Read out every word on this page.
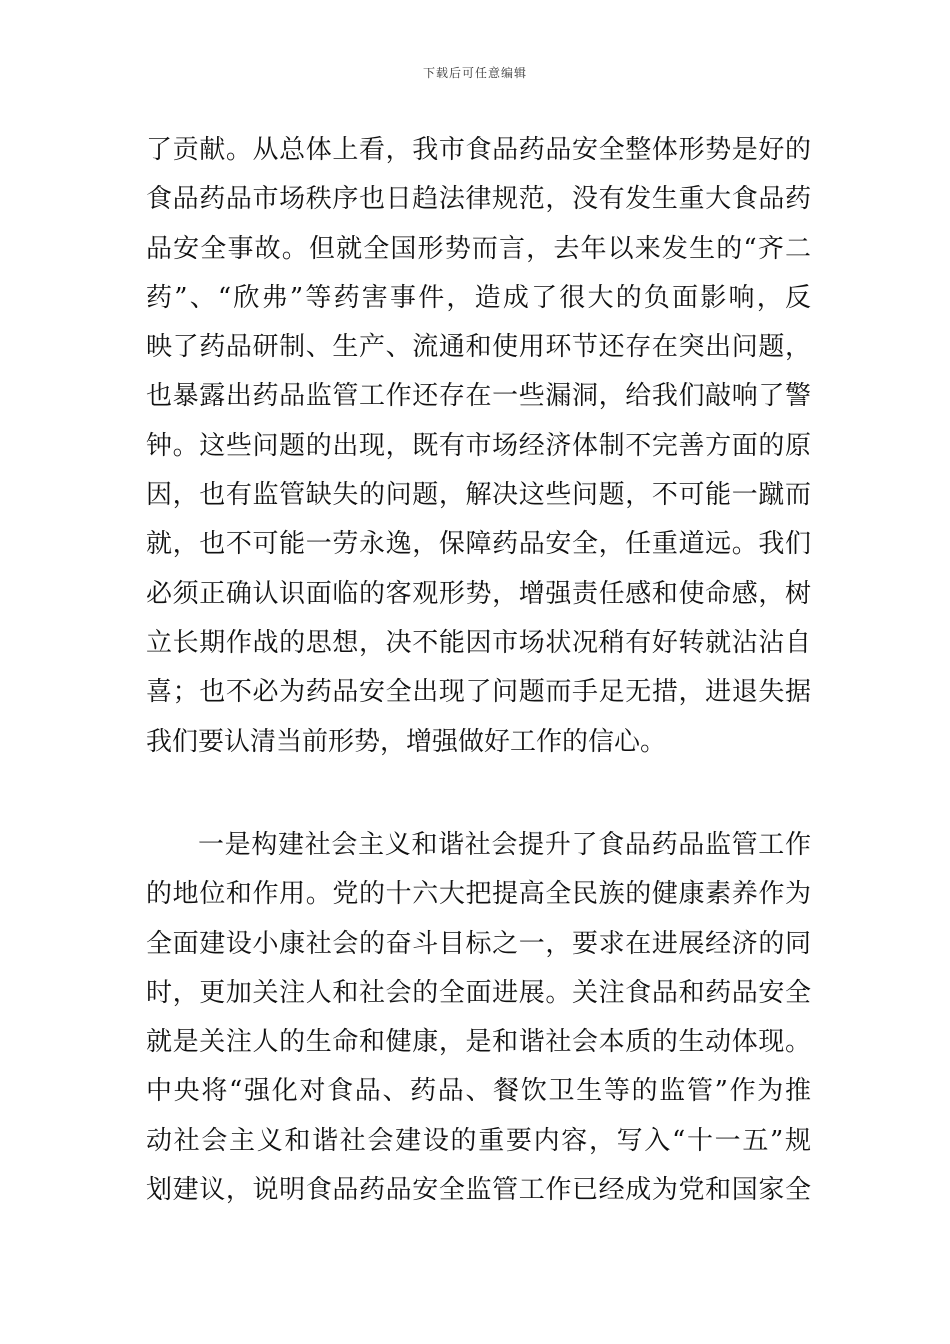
下载后可任意编辑
了贡献。从总体上看，我市食品药品安全整体形势是好的
食品药品市场秩序也日趋法律规范，没有发生重大食品药
品安全事故。但就全国形势而言，去年以来发生的“齐二
药”、“欣弗”等药害事件，造成了很大的负面影响，反
映了药品研制、生产、流通和使用环节还存在突出问题，
也暴露出药品监管工作还存在一些漏洞，给我们敲响了警
钟。这些问题的出现，既有市场经济体制不完善方面的原
因，也有监管缺失的问题，解决这些问题，不可能一蹴而
就，也不可能一劳永逸，保障药品安全，任重道远。我们
必须正确认识面临的客观形势，增强责任感和使命感，树
立长期作战的思想，决不能因市场状况稍有好转就沾沾自
喜；也不必为药品安全出现了问题而手足无措，进退失据
我们要认清当前形势，增强做好工作的信心。
一是构建社会主义和谐社会提升了食品药品监管工作
的地位和作用。党的十六大把提高全民族的健康素养作为
全面建设小康社会的奋斗目标之一，要求在进展经济的同
时，更加关注人和社会的全面进展。关注食品和药品安全
就是关注人的生命和健康，是和谐社会本质的生动体现。
中央将“强化对食品、药品、餐饮卫生等的监管”作为推
动社会主义和谐社会建设的重要内容，写入“十一五”规
划建议，说明食品药品安全监管工作已经成为党和国家全
